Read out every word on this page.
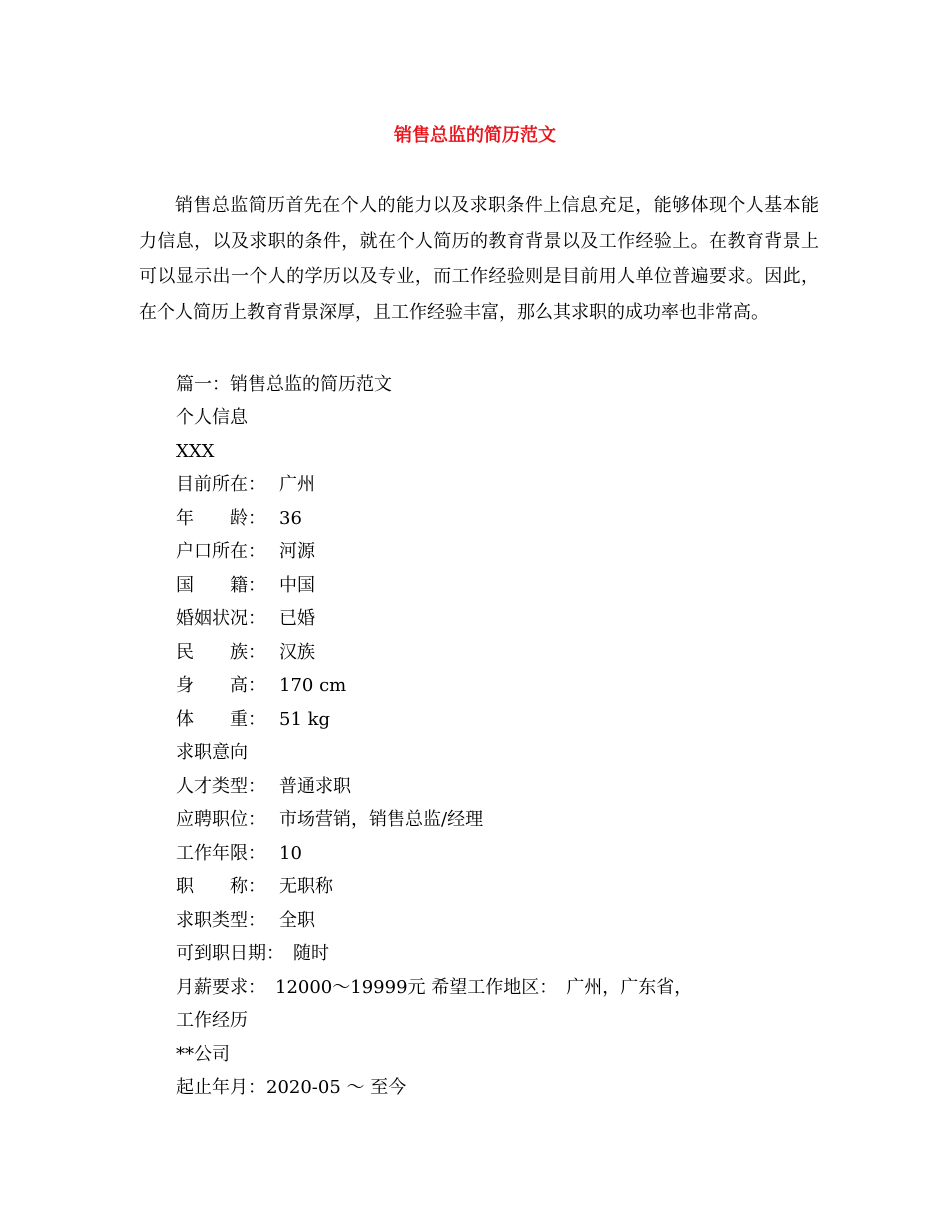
销售总监的简历范文

销售总监简历首先在个人的能力以及求职条件上信息充足，能够体现个人基本能力信息，以及求职的条件，就在个人简历的教育背景以及工作经验上。在教育背景上可以显示出一个人的学历以及专业，而工作经验则是目前用人单位普遍要求。因此，在个人简历上教育背景深厚，且工作经验丰富，那么其求职的成功率也非常高。

篇一：销售总监的简历范文
个人信息
XXX
目前所在： 广州
年　　龄： 36
户口所在： 河源
国　　籍： 中国
婚姻状况： 已婚
民　　族： 汉族
身　　高： 170 cm
体　　重： 51 kg
求职意向
人才类型： 普通求职
应聘职位： 市场营销，销售总监/经理
工作年限： 10
职　　称： 无职称
求职类型： 全职
可到职日期：　随时
月薪要求：　12000～19999元 希望工作地区：　广州，广东省，
工作经历
**公司
起止年月：2020-05 ～ 至今
